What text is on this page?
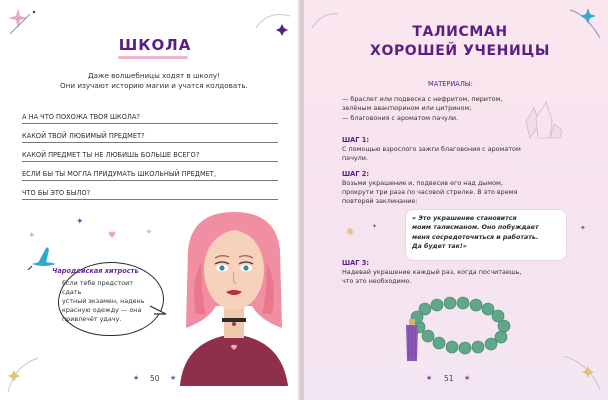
ШКОЛА
Даже волшебницы ходят в школу!
Они изучают историю магии и учатся колдовать.
А НА ЧТО ПОХОЖА ТВОЯ ШКОЛА?
КАКОЙ ТВОЙ ЛЮБИМЫЙ ПРЕДМЕТ?
КАКОЙ ПРЕДМЕТ ТЫ НЕ ЛЮБИШЬ БОЛЬШЕ ВСЕГО?
ЕСЛИ БЫ ТЫ МОГЛА ПРИДУМАТЬ ШКОЛЬНЫЙ ПРЕДМЕТ,
ЧТО БЫ ЭТО БЫЛО?
✦
♥	✧
✦
Чародейская хитрость
Если тебе предстоит сдать
устный экзамен, надень
красную одежду — она
привлечёт удачу.
★ 50 ★
ТАЛИСМАН
ХОРОШЕЙ УЧЕНИЦЫ
МАТЕРИАЛЫ:
— браслет или подвеска с нефритом, пиритом,
зелёным авантюрином или цитрином;
— благовония с ароматом пачули.
ШАГ 1:
С помощью взрослого зажги благовония с ароматом
пачули.
ШАГ 2:
Возьми украшение и, подвесив его над дымом,
прокрути три раза по часовой стрелке. В это время
повторяй заклинание:
« Это украшение становится
моим талисманом. Оно побуждает
меня сосредоточиться и работать.
Да будет так!»
✺
✦	✦
ШАГ 3:
Надевай украшение каждый раз, когда посчитаешь,
что это необходимо.
★ 51 ★
